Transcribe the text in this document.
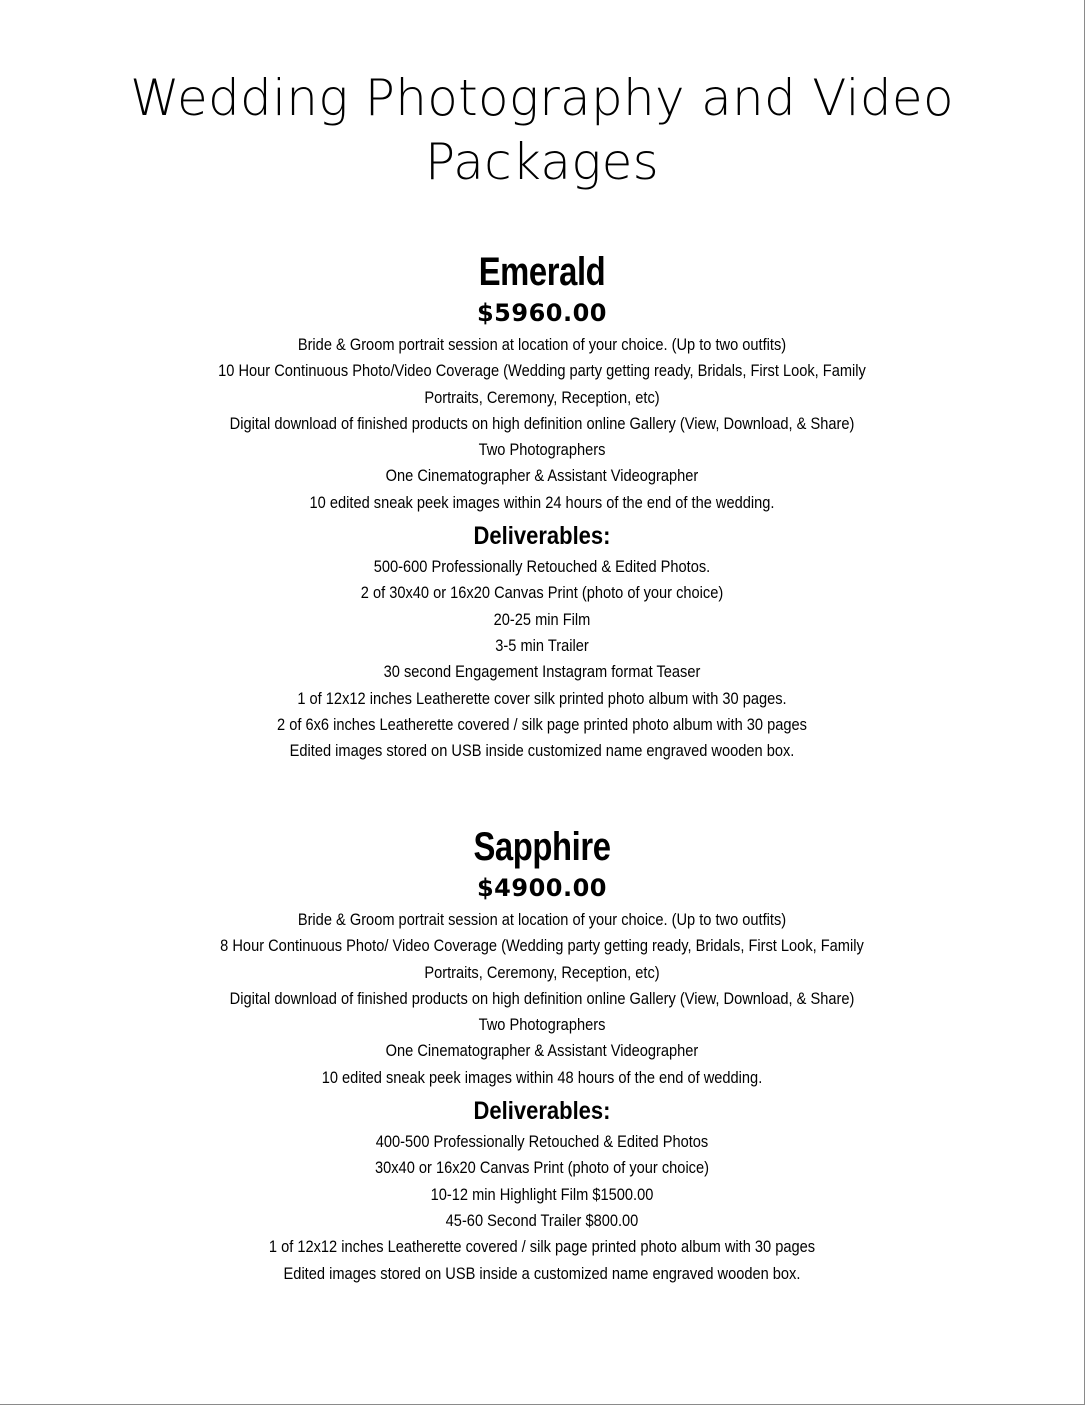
Wedding Photography and Video Packages
Emerald
$5960.00
Bride & Groom portrait session at location of your choice. (Up to two outfits)
10 Hour Continuous Photo/Video Coverage (Wedding party getting ready, Bridals, First Look, Family Portraits, Ceremony, Reception, etc)
Digital download of finished products on high definition online Gallery (View, Download, & Share)
Two Photographers
One Cinematographer & Assistant Videographer
10 edited sneak peek images within 24 hours of the end of the wedding.
Deliverables:
500-600 Professionally Retouched & Edited Photos.
2 of 30x40 or 16x20 Canvas Print (photo of your choice)
20-25 min Film
3-5 min Trailer
30 second Engagement Instagram format Teaser
1 of 12x12 inches Leatherette cover silk printed photo album with 30 pages.
2 of 6x6 inches Leatherette covered / silk page printed photo album with 30 pages
Edited images stored on USB inside customized name engraved wooden box.
Sapphire
$4900.00
Bride & Groom portrait session at location of your choice. (Up to two outfits)
8 Hour Continuous Photo/ Video Coverage (Wedding party getting ready, Bridals, First Look, Family Portraits, Ceremony, Reception, etc)
Digital download of finished products on high definition online Gallery (View, Download, & Share)
Two Photographers
One Cinematographer & Assistant Videographer
10 edited sneak peek images within 48 hours of the end of wedding.
Deliverables:
400-500 Professionally Retouched & Edited Photos
30x40 or 16x20 Canvas Print (photo of your choice)
10-12 min Highlight Film $1500.00
45-60 Second Trailer $800.00
1 of 12x12 inches Leatherette covered / silk page printed photo album with 30 pages
Edited images stored on USB inside a customized name engraved wooden box.
